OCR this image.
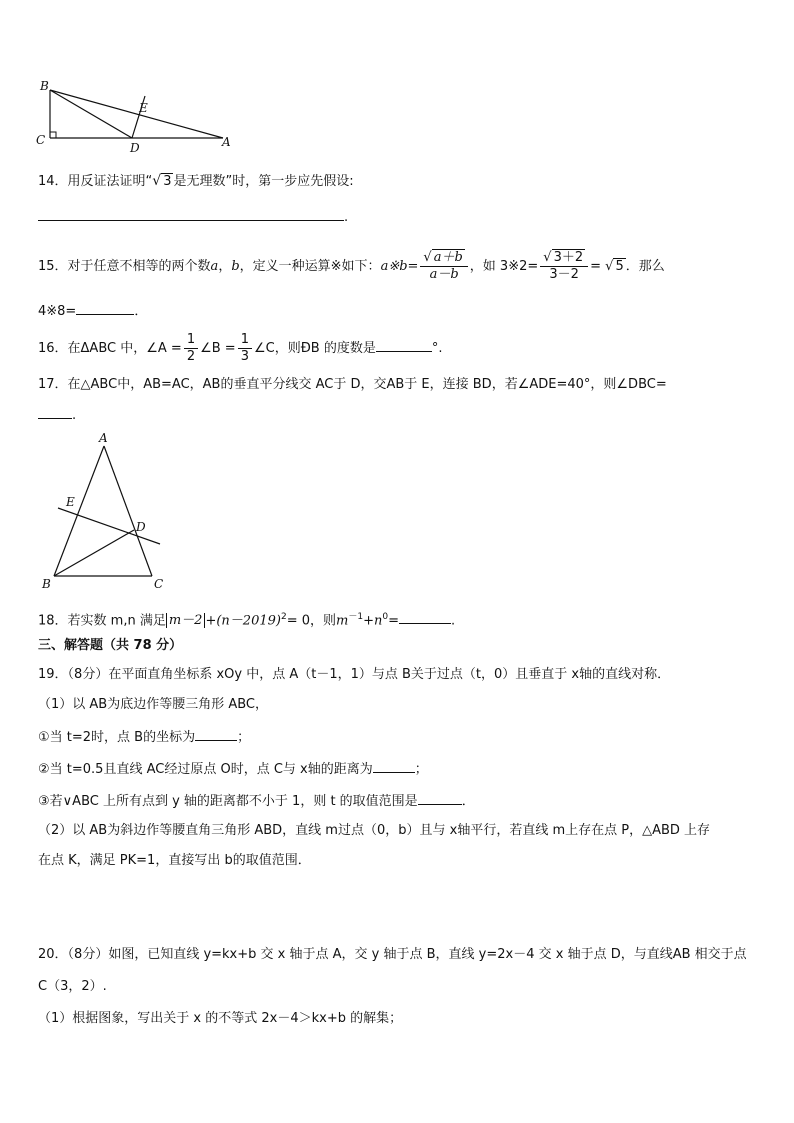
B
E
C
D	A
14．用反证法证明“√ 3 是无理数”时，第一步应先假设:
.
15．对于任意不相等的两个数a，b，定义一种运算※如下：a※b= $\frac{√ a+b}{a-b}$ ，如 3※2= $\frac{√ 3+2}{3-2}$ = √ 5 ．那么
4※8=	．
16．在ΔABC 中，∠A = $\frac{1}{2}$ ∠B = $\frac{1}{3}$ ∠C，则ÐB 的度数是	°.
17．在△ABC中，AB=AC，AB的垂直平分线交 AC于 D，交AB于 E，连接 BD，若∠ADE=40°，则∠DBC=
.
A
E
D
B	C
18．若实数 m,n 满足 $m-2 +(n-2019)^2= 0$，则$m^{-1}+n^0=$	.
三、解答题（共 78 分）
19．（8分）在平面直角坐标系 xOy 中，点 A（t－1，1）与点 B关于过点（t，0）且垂直于 x轴的直线对称．
（1）以 AB为底边作等腰三角形 ABC，
①当 t=2时，点 B的坐标为	；
②当 t=0.5且直线 AC经过原点 O时，点 C与 x轴的距离为	；
③若∨ABC 上所有点到 y 轴的距离都不小于 1，则 t 的取值范围是	．
（2）以 AB为斜边作等腰直角三角形 ABD，直线 m过点（0，b）且与 x轴平行，若直线 m上存在点 P，△ABD 上存
在点 K，满足 PK=1，直接写出 b的取值范围．
20．（8分）如图，已知直线 y=kx+b 交 x 轴于点 A，交 y 轴于点 B，直线 y=2x－4 交 x 轴于点 D，与直线AB 相交于点
C（3，2）.
（1）根据图象，写出关于 x 的不等式 2x－4＞kx+b 的解集；
